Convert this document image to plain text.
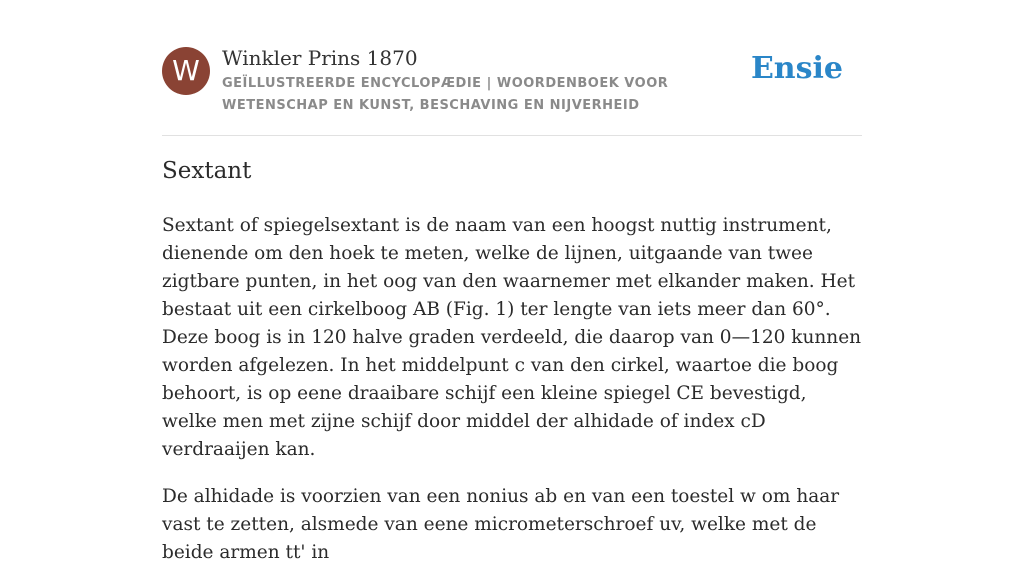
W	Winkler Prins 1870
GEÏLLUSTREERDE ENCYCLOPÆDIE | WOORDENBOEK VOOR WETENSCHAP EN KUNST, BESCHAVING EN NIJVERHEID
Ensie
Sextant

Sextant of spiegelsextant is de naam van een hoogst nuttig instrument, dienende om den hoek te meten, welke de lijnen, uitgaande van twee zigtbare punten, in het oog van den waarnemer met elkander maken. Het bestaat uit een cirkelboog AB (Fig. 1) ter lengte van iets meer dan 60°. Deze boog is in 120 halve graden verdeeld, die daarop van 0—120 kunnen worden afgelezen. In het middelpunt c van den cirkel, waartoe die boog behoort, is op eene draaibare schijf een kleine spiegel CE bevestigd, welke men met zijne schijf door middel der alhidade of index cD verdraaijen kan.

De alhidade is voorzien van een nonius ab en van een toestel w om haar vast te zetten, alsmede van eene micrometerschroef uv, welke met de beide armen tt' in
